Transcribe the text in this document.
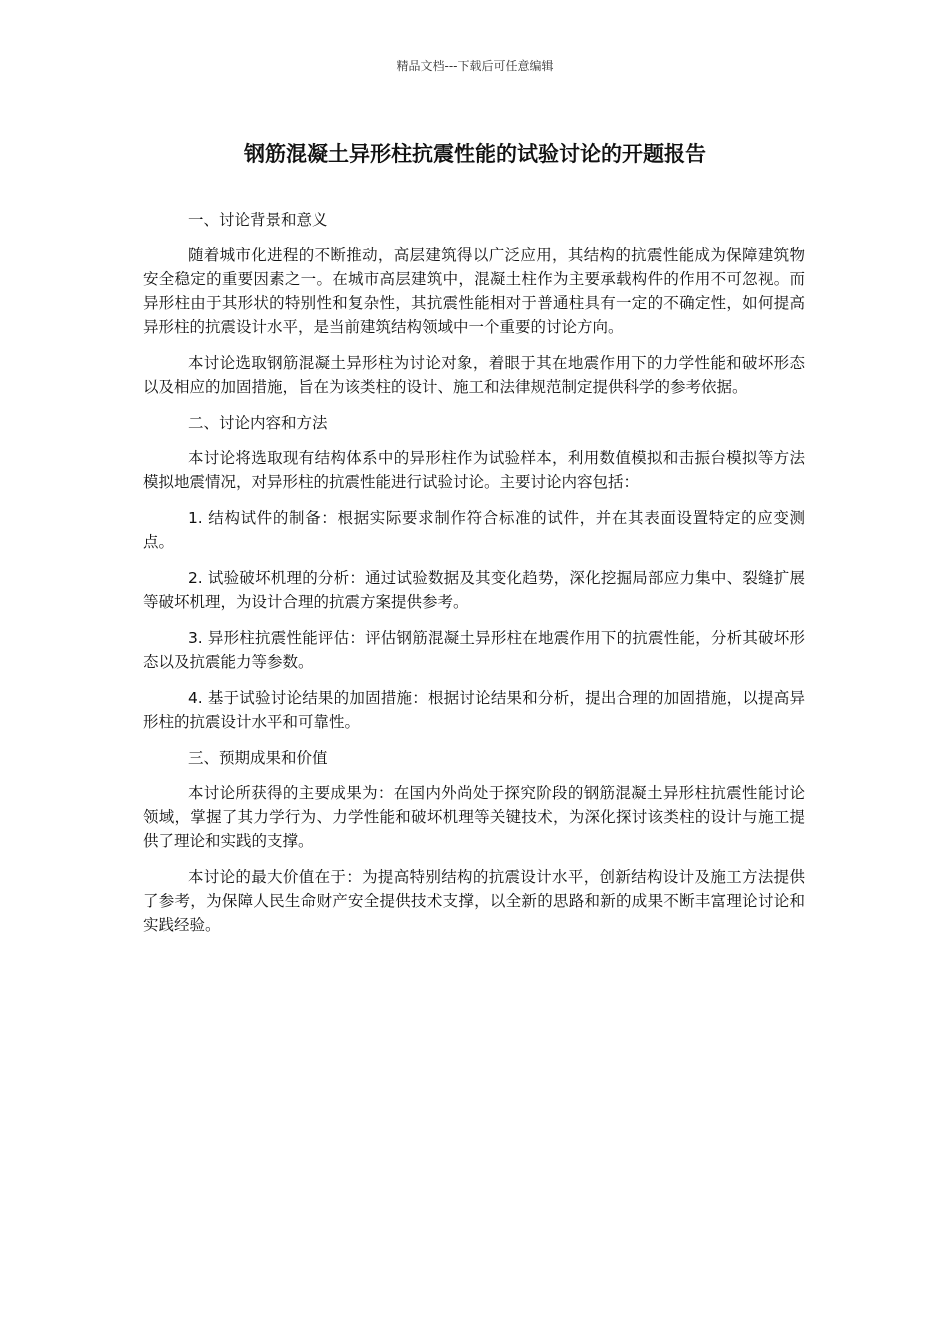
精品文档---下载后可任意编辑
钢筋混凝土异形柱抗震性能的试验讨论的开题报告

一、讨论背景和意义

随着城市化进程的不断推动，高层建筑得以广泛应用，其结构的抗震性能成为保障建筑物安全稳定的重要因素之一。在城市高层建筑中，混凝土柱作为主要承载构件的作用不可忽视。而异形柱由于其形状的特别性和复杂性，其抗震性能相对于普通柱具有一定的不确定性，如何提高异形柱的抗震设计水平，是当前建筑结构领域中一个重要的讨论方向。

本讨论选取钢筋混凝土异形柱为讨论对象，着眼于其在地震作用下的力学性能和破坏形态以及相应的加固措施，旨在为该类柱的设计、施工和法律规范制定提供科学的参考依据。

二、讨论内容和方法

本讨论将选取现有结构体系中的异形柱作为试验样本，利用数值模拟和击振台模拟等方法模拟地震情况，对异形柱的抗震性能进行试验讨论。主要讨论内容包括：

1. 结构试件的制备：根据实际要求制作符合标准的试件，并在其表面设置特定的应变测点。

2. 试验破坏机理的分析：通过试验数据及其变化趋势，深化挖掘局部应力集中、裂缝扩展等破坏机理，为设计合理的抗震方案提供参考。

3. 异形柱抗震性能评估：评估钢筋混凝土异形柱在地震作用下的抗震性能，分析其破坏形态以及抗震能力等参数。

4. 基于试验讨论结果的加固措施：根据讨论结果和分析，提出合理的加固措施，以提高异形柱的抗震设计水平和可靠性。

三、预期成果和价值

本讨论所获得的主要成果为：在国内外尚处于探究阶段的钢筋混凝土异形柱抗震性能讨论领域，掌握了其力学行为、力学性能和破坏机理等关键技术，为深化探讨该类柱的设计与施工提供了理论和实践的支撑。

本讨论的最大价值在于：为提高特别结构的抗震设计水平，创新结构设计及施工方法提供了参考，为保障人民生命财产安全提供技术支撑，以全新的思路和新的成果不断丰富理论讨论和实践经验。
